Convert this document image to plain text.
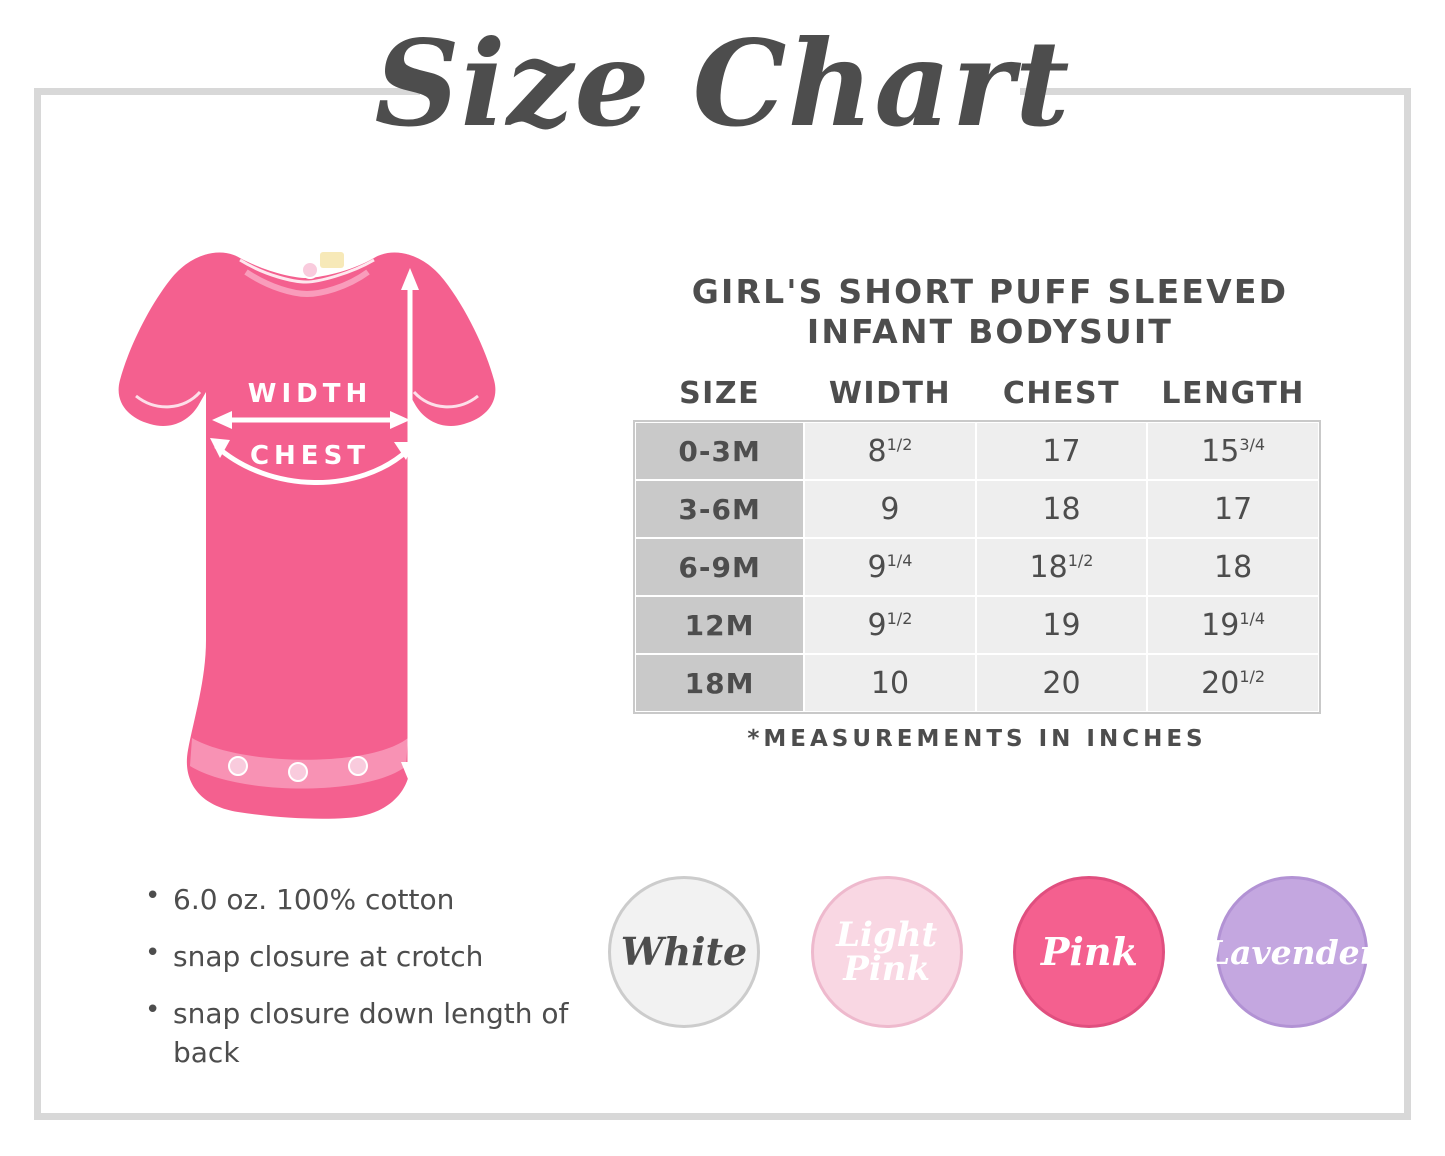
Size Chart
WIDTH
CHEST
LENGTH
GIRL'S SHORT PUFF SLEEVED
INFANT BODYSUIT
SIZE	WIDTH	CHEST	LENGTH
0-3M	$8^{1/2}$	17	$15^{3/4}$
3-6M	9	18	17
6-9M	$9^{1/4}$	$18^{1/2}$	18
12M	$9^{1/2}$	19	$19^{1/4}$
18M	10	20	$20^{1/2}$
*MEASUREMENTS IN INCHES
• 6.0 oz. 100% cotton
• snap closure at crotch
• snap closure down length of back
White	Light Pink	Pink Lavender
